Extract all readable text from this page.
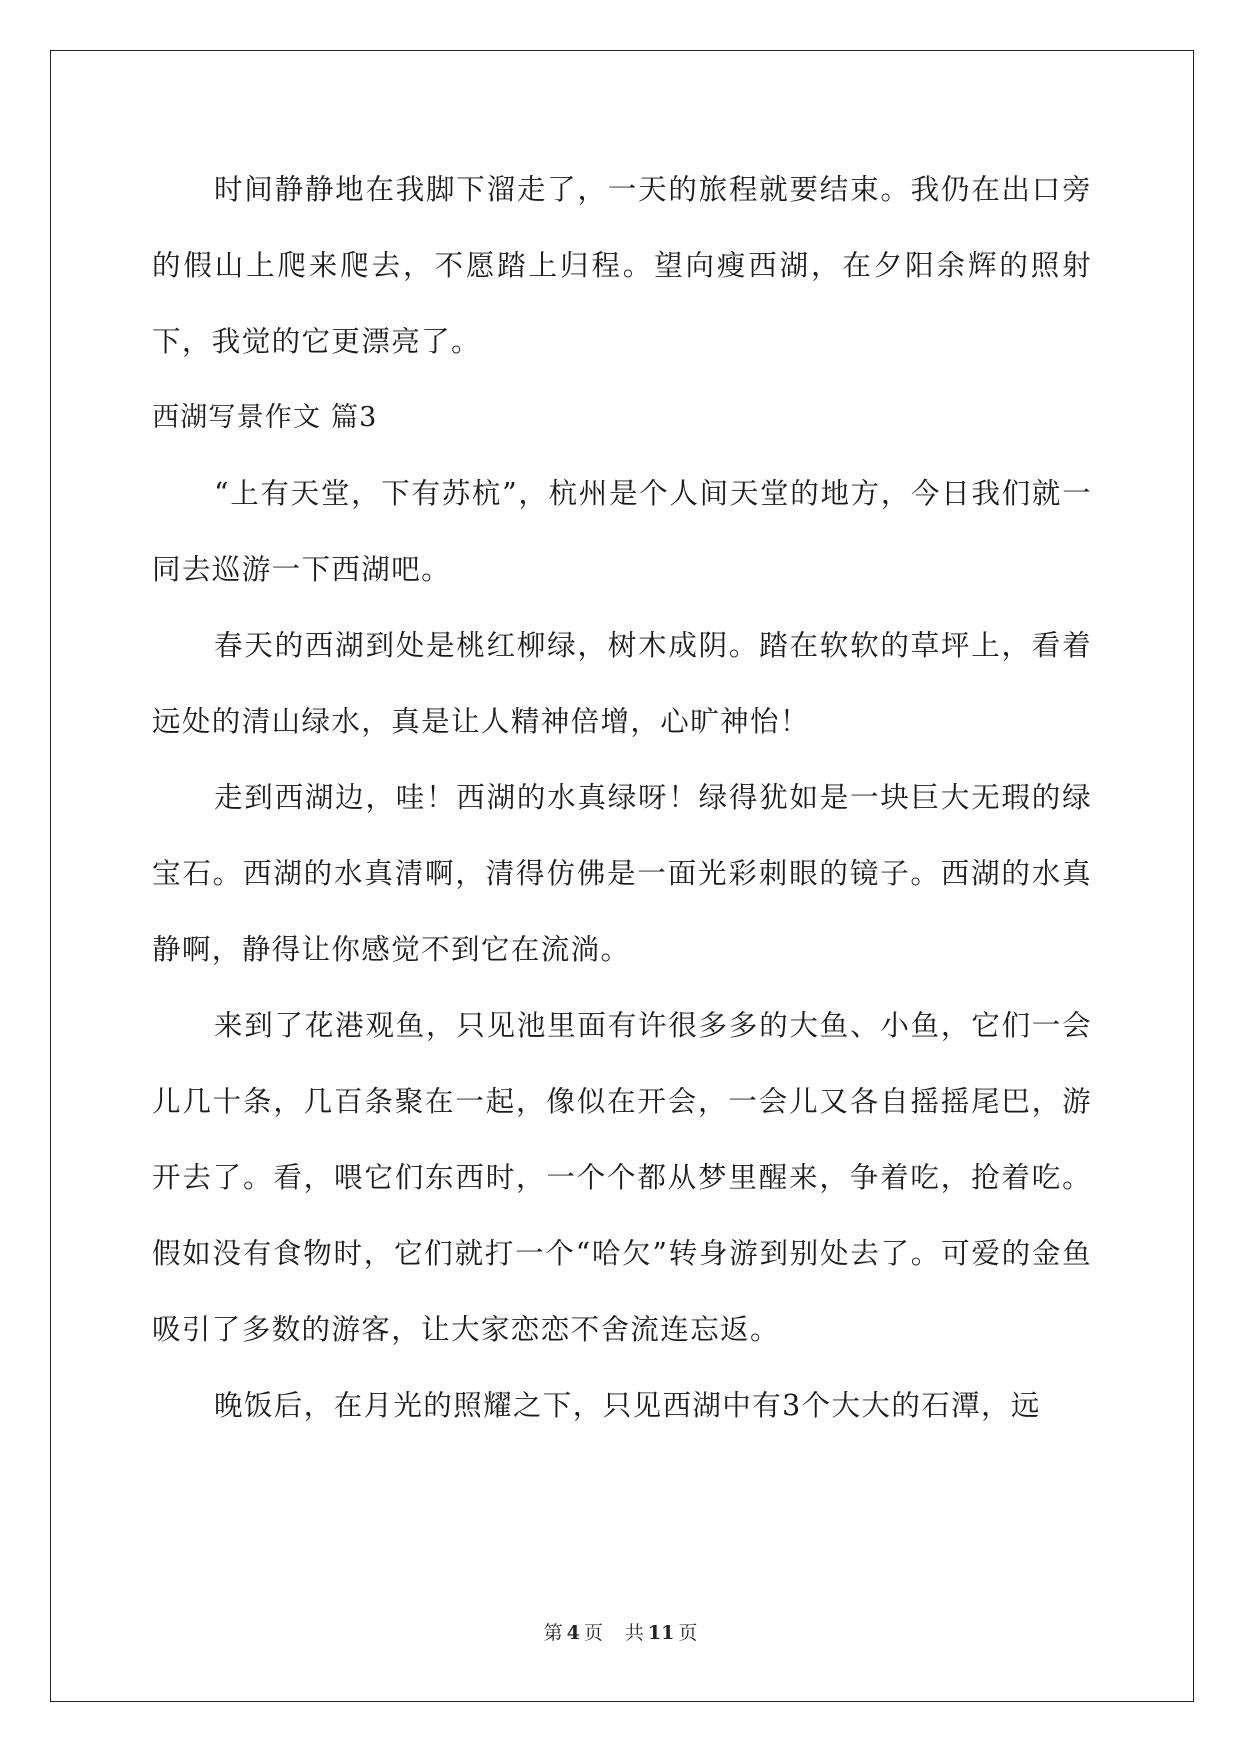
时间静静地在我脚下溜走了，一天的旅程就要结束。我仍在出口旁的假山上爬来爬去，不愿踏上归程。望向瘦西湖，在夕阳余辉的照射下，我觉的它更漂亮了。

西湖写景作文 篇3

“上有天堂，下有苏杭”，杭州是个人间天堂的地方，今日我们就一同去巡游一下西湖吧。

春天的西湖到处是桃红柳绿，树木成阴。踏在软软的草坪上，看着远处的清山绿水，真是让人精神倍增，心旷神怡！

走到西湖边，哇！西湖的水真绿呀！绿得犹如是一块巨大无瑕的绿宝石。西湖的水真清啊，清得仿佛是一面光彩刺眼的镜子。西湖的水真静啊，静得让你感觉不到它在流淌。

来到了花港观鱼，只见池里面有许很多多的大鱼、小鱼，它们一会儿几十条，几百条聚在一起，像似在开会，一会儿又各自摇摇尾巴，游开去了。看，喂它们东西时，一个个都从梦里醒来，争着吃，抢着吃。假如没有食物时，它们就打一个“哈欠”转身游到别处去了。可爱的金鱼吸引了多数的游客，让大家恋恋不舍流连忘返。

晚饭后，在月光的照耀之下，只见西湖中有3个大大的石潭，远

第 4 页 共 11 页
